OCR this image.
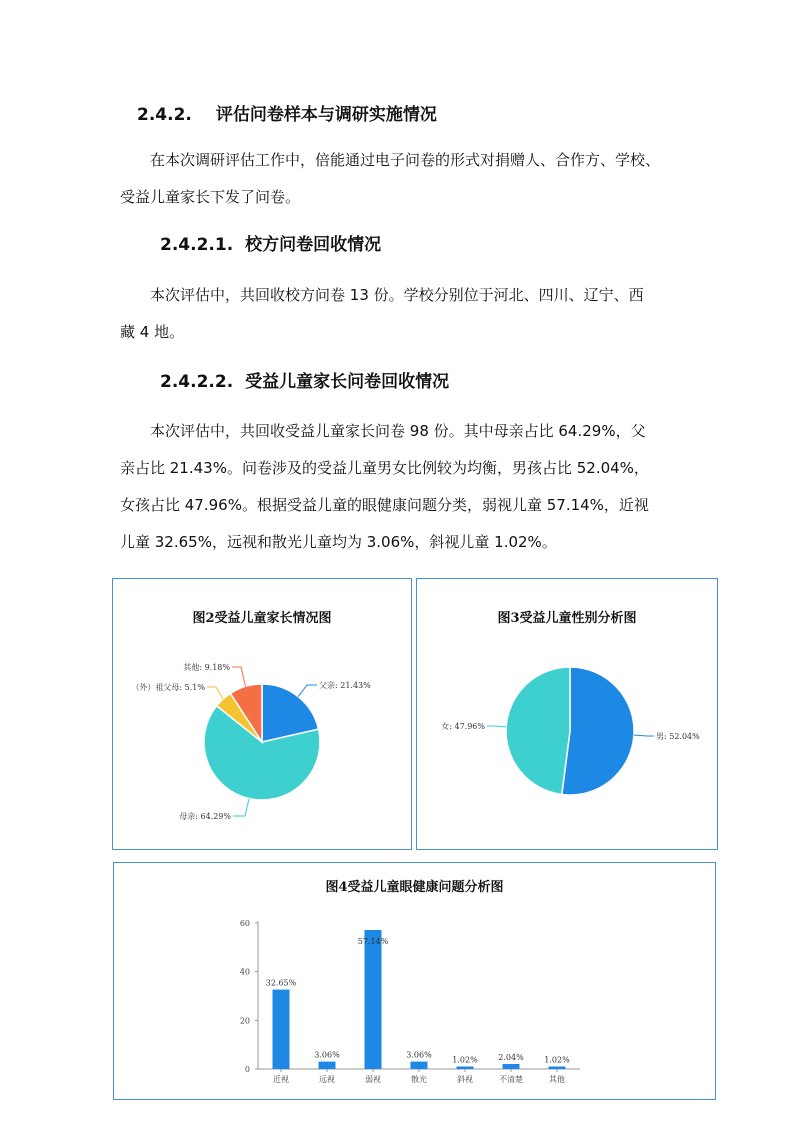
2.4.2. 评估问卷样本与调研实施情况
在本次调研评估工作中，倍能通过电子问卷的形式对捐赠人、合作方、学校、
受益儿童家长下发了问卷。
2.4.2.1. 校方问卷回收情况
本次评估中，共回收校方问卷 13 份。学校分别位于河北、四川、辽宁、西
藏 4 地。
2.4.2.2. 受益儿童家长问卷回收情况
本次评估中，共回收受益儿童家长问卷 98 份。其中母亲占比 64.29%，父
亲占比 21.43%。问卷涉及的受益儿童男女比例较为均衡，男孩占比 52.04%，
女孩占比 47.96%。根据受益儿童的眼健康问题分类，弱视儿童 57.14%，近视
儿童 32.65%，远视和散光儿童均为 3.06%，斜视儿童 1.02%。
图2受益儿童家长情况图
父亲: 21.43%
母亲: 64.29%
（外）祖父母: 5.1%
其他: 9.18%
图3受益儿童性别分析图
男: 52.04%
女: 47.96%
图4受益儿童眼健康问题分析图
0
20
40
60
32.65%
近视
3.06%
远视
57.14%
弱视
3.06%
散光
1.02%
斜视
2.04%
不清楚
1.02%
其他
